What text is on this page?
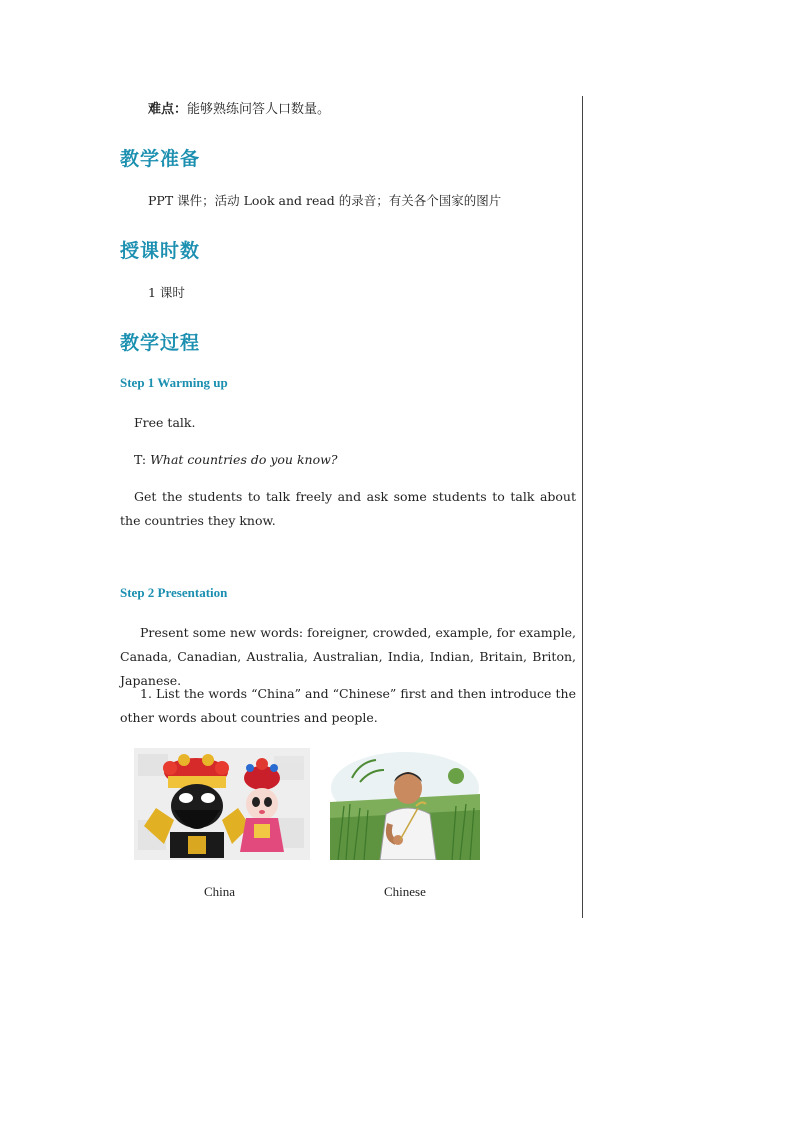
难点：能够熟练问答人口数量。
教学准备
PPT 课件；活动 Look and read 的录音；有关各个国家的图片
授课时数
1 课时
教学过程
Step 1 Warming up
Free talk.
T: What countries do you know?
Get the students to talk freely and ask some students to talk about the countries they know.
Step 2 Presentation
Present some new words: foreigner, crowded, example, for example, Canada, Canadian, Australia, Australian, India, Indian, Britain, Briton, Japanese.
1. List the words “China” and “Chinese” first and then introduce the other words about countries and people.
China	Chinese
